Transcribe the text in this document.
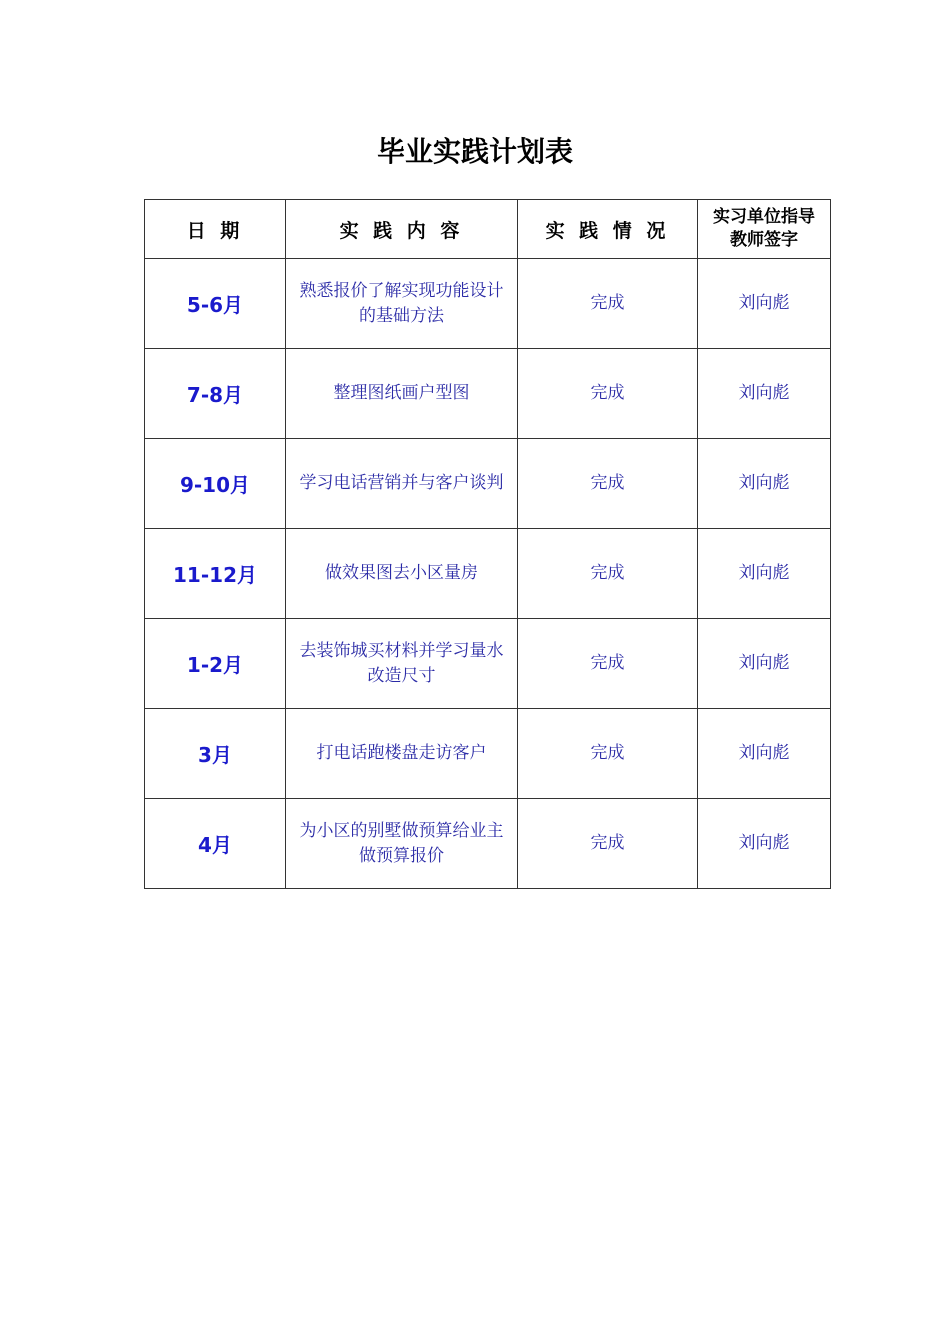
毕业实践计划表
日 期	实 践 内 容	实 践 情 况	实习单位指导教师签字
5-6月	熟悉报价了解实现功能设计的基础方法	完成	刘向彪
7-8月	整理图纸画户型图	完成	刘向彪
9-10月	学习电话营销并与客户谈判	完成	刘向彪
11-12月	做效果图去小区量房	完成	刘向彪
1-2月	去装饰城买材料并学习量水改造尺寸	完成	刘向彪
3月	打电话跑楼盘走访客户	完成	刘向彪
4月	为小区的别墅做预算给业主做预算报价	完成	刘向彪
